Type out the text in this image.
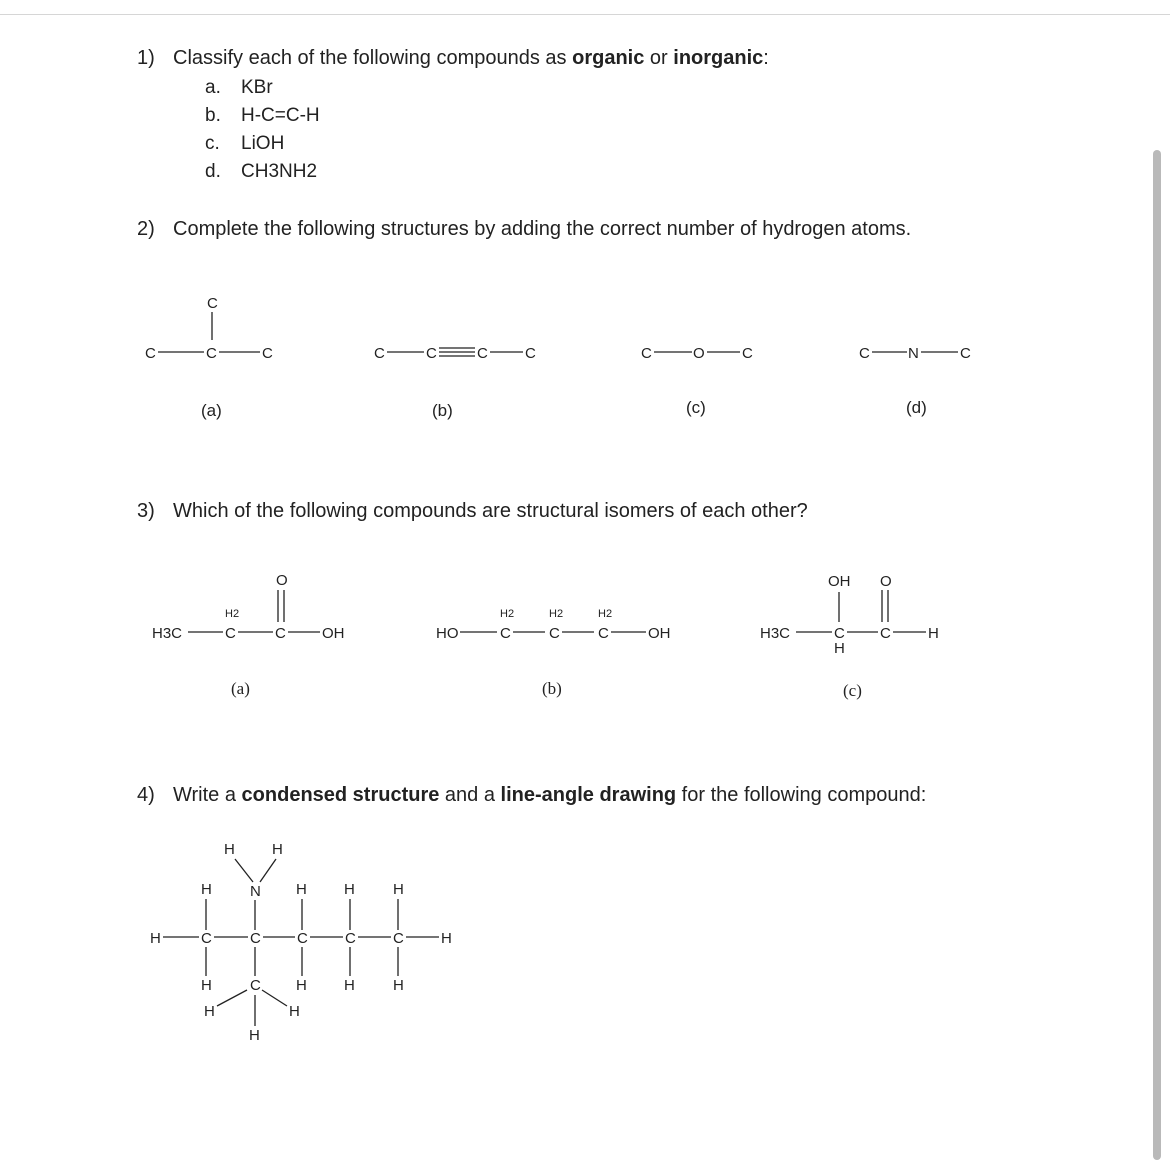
1) Classify each of the following compounds as organic or inorganic:
a. KBr
b. H-C=C-H
c. LiOH
d. CH3NH2
2) Complete the following structures by adding the correct number of hydrogen atoms.
3) Which of the following compounds are structural isomers of each other?
4) Write a condensed structure and a line-angle drawing for the following compound:
C
C	C	C
(a)
C	C	C C
(b)
C	O C
(c)
C	N	C
(d)
H3C
H2
C	C
O
OH
(a)
HO
H2
C
H2
C
H2
C	OH
(b)
H3C	C
H
OH
C
O
H
(c)
H H
N
H	H H	H
H	C	C C C C H
H	H H	H
C
H	H
H
